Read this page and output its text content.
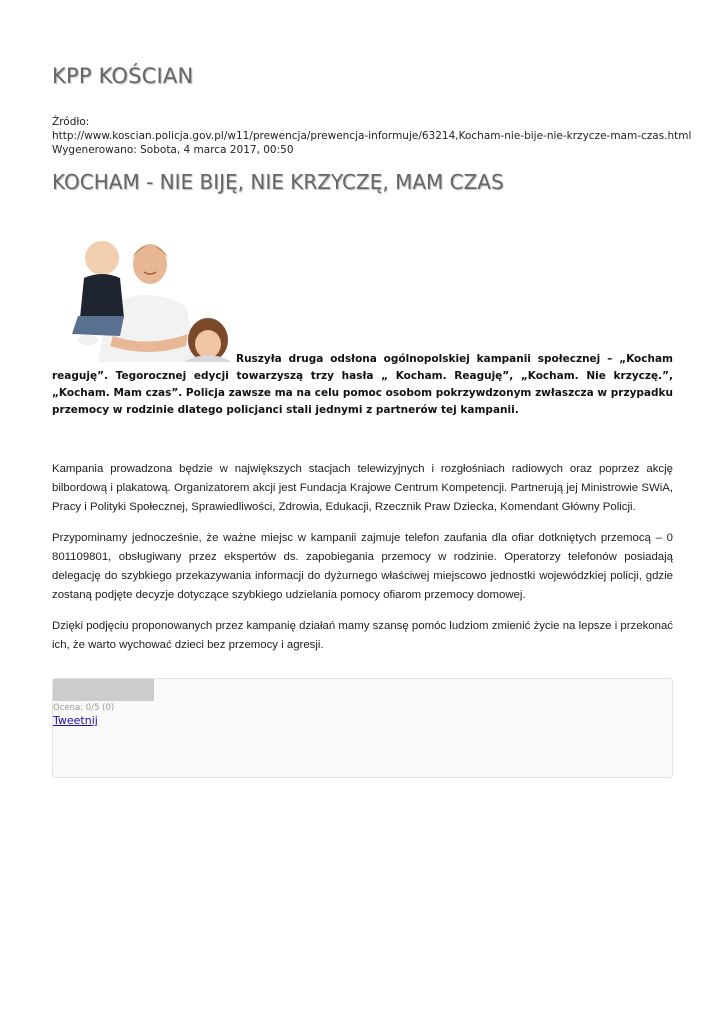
KPP KOŚCIAN
Źródło:
http://www.koscian.policja.gov.pl/w11/prewencja/prewencja-informuje/63214,Kocham-nie-bije-nie-krzycze-mam-czas.html
Wygenerowano: Sobota, 4 marca 2017, 00:50
KOCHAM - NIE BIJĘ, NIE KRZYCZĘ, MAM CZAS
Ruszyła druga odsłona ogólnopolskiej kampanii społecznej – „Kocham reaguję”. Tegorocznej edycji towarzyszą trzy hasła „ Kocham. Reaguję”, „Kocham. Nie krzyczę.”, „Kocham. Mam czas”. Policja zawsze ma na celu pomoc osobom pokrzywdzonym zwłaszcza w przypadku przemocy w rodzinie dlatego policjanci stali jednymi z partnerów tej kampanii.

Kampania prowadzona będzie w największych stacjach telewizyjnych i rozgłośniach radiowych oraz poprzez akcję bilbordową i plakatową. Organizatorem akcji jest Fundacja Krajowe Centrum Kompetencji. Partnerują jej Ministrowie SWiA, Pracy i Polityki Społecznej, Sprawiedliwości, Zdrowia, Edukacji, Rzecznik Praw Dziecka, Komendant Główny Policji.

Przypominamy jednocześnie, że ważne miejsc w kampanii zajmuje telefon zaufania dla ofiar dotkniętych przemocą – 0 801109801, obsługiwany przez ekspertów ds. zapobiegania przemocy w rodzinie. Operatorzy telefonów posiadają delegację do szybkiego przekazywania informacji do dyżurnego właściwej miejscowo jednostki wojewódzkiej policji, gdzie zostaną podjęte decyzje dotyczące szybkiego udzielania pomocy ofiarom przemocy domowej.

Dzięki podjęciu proponowanych przez kampanię działań mamy szansę pomóc ludziom zmienić życie na lepsze i przekonać ich, że warto wychować dzieci bez przemocy i agresji.

Ocena: 0/5 (0)
Tweetnij
